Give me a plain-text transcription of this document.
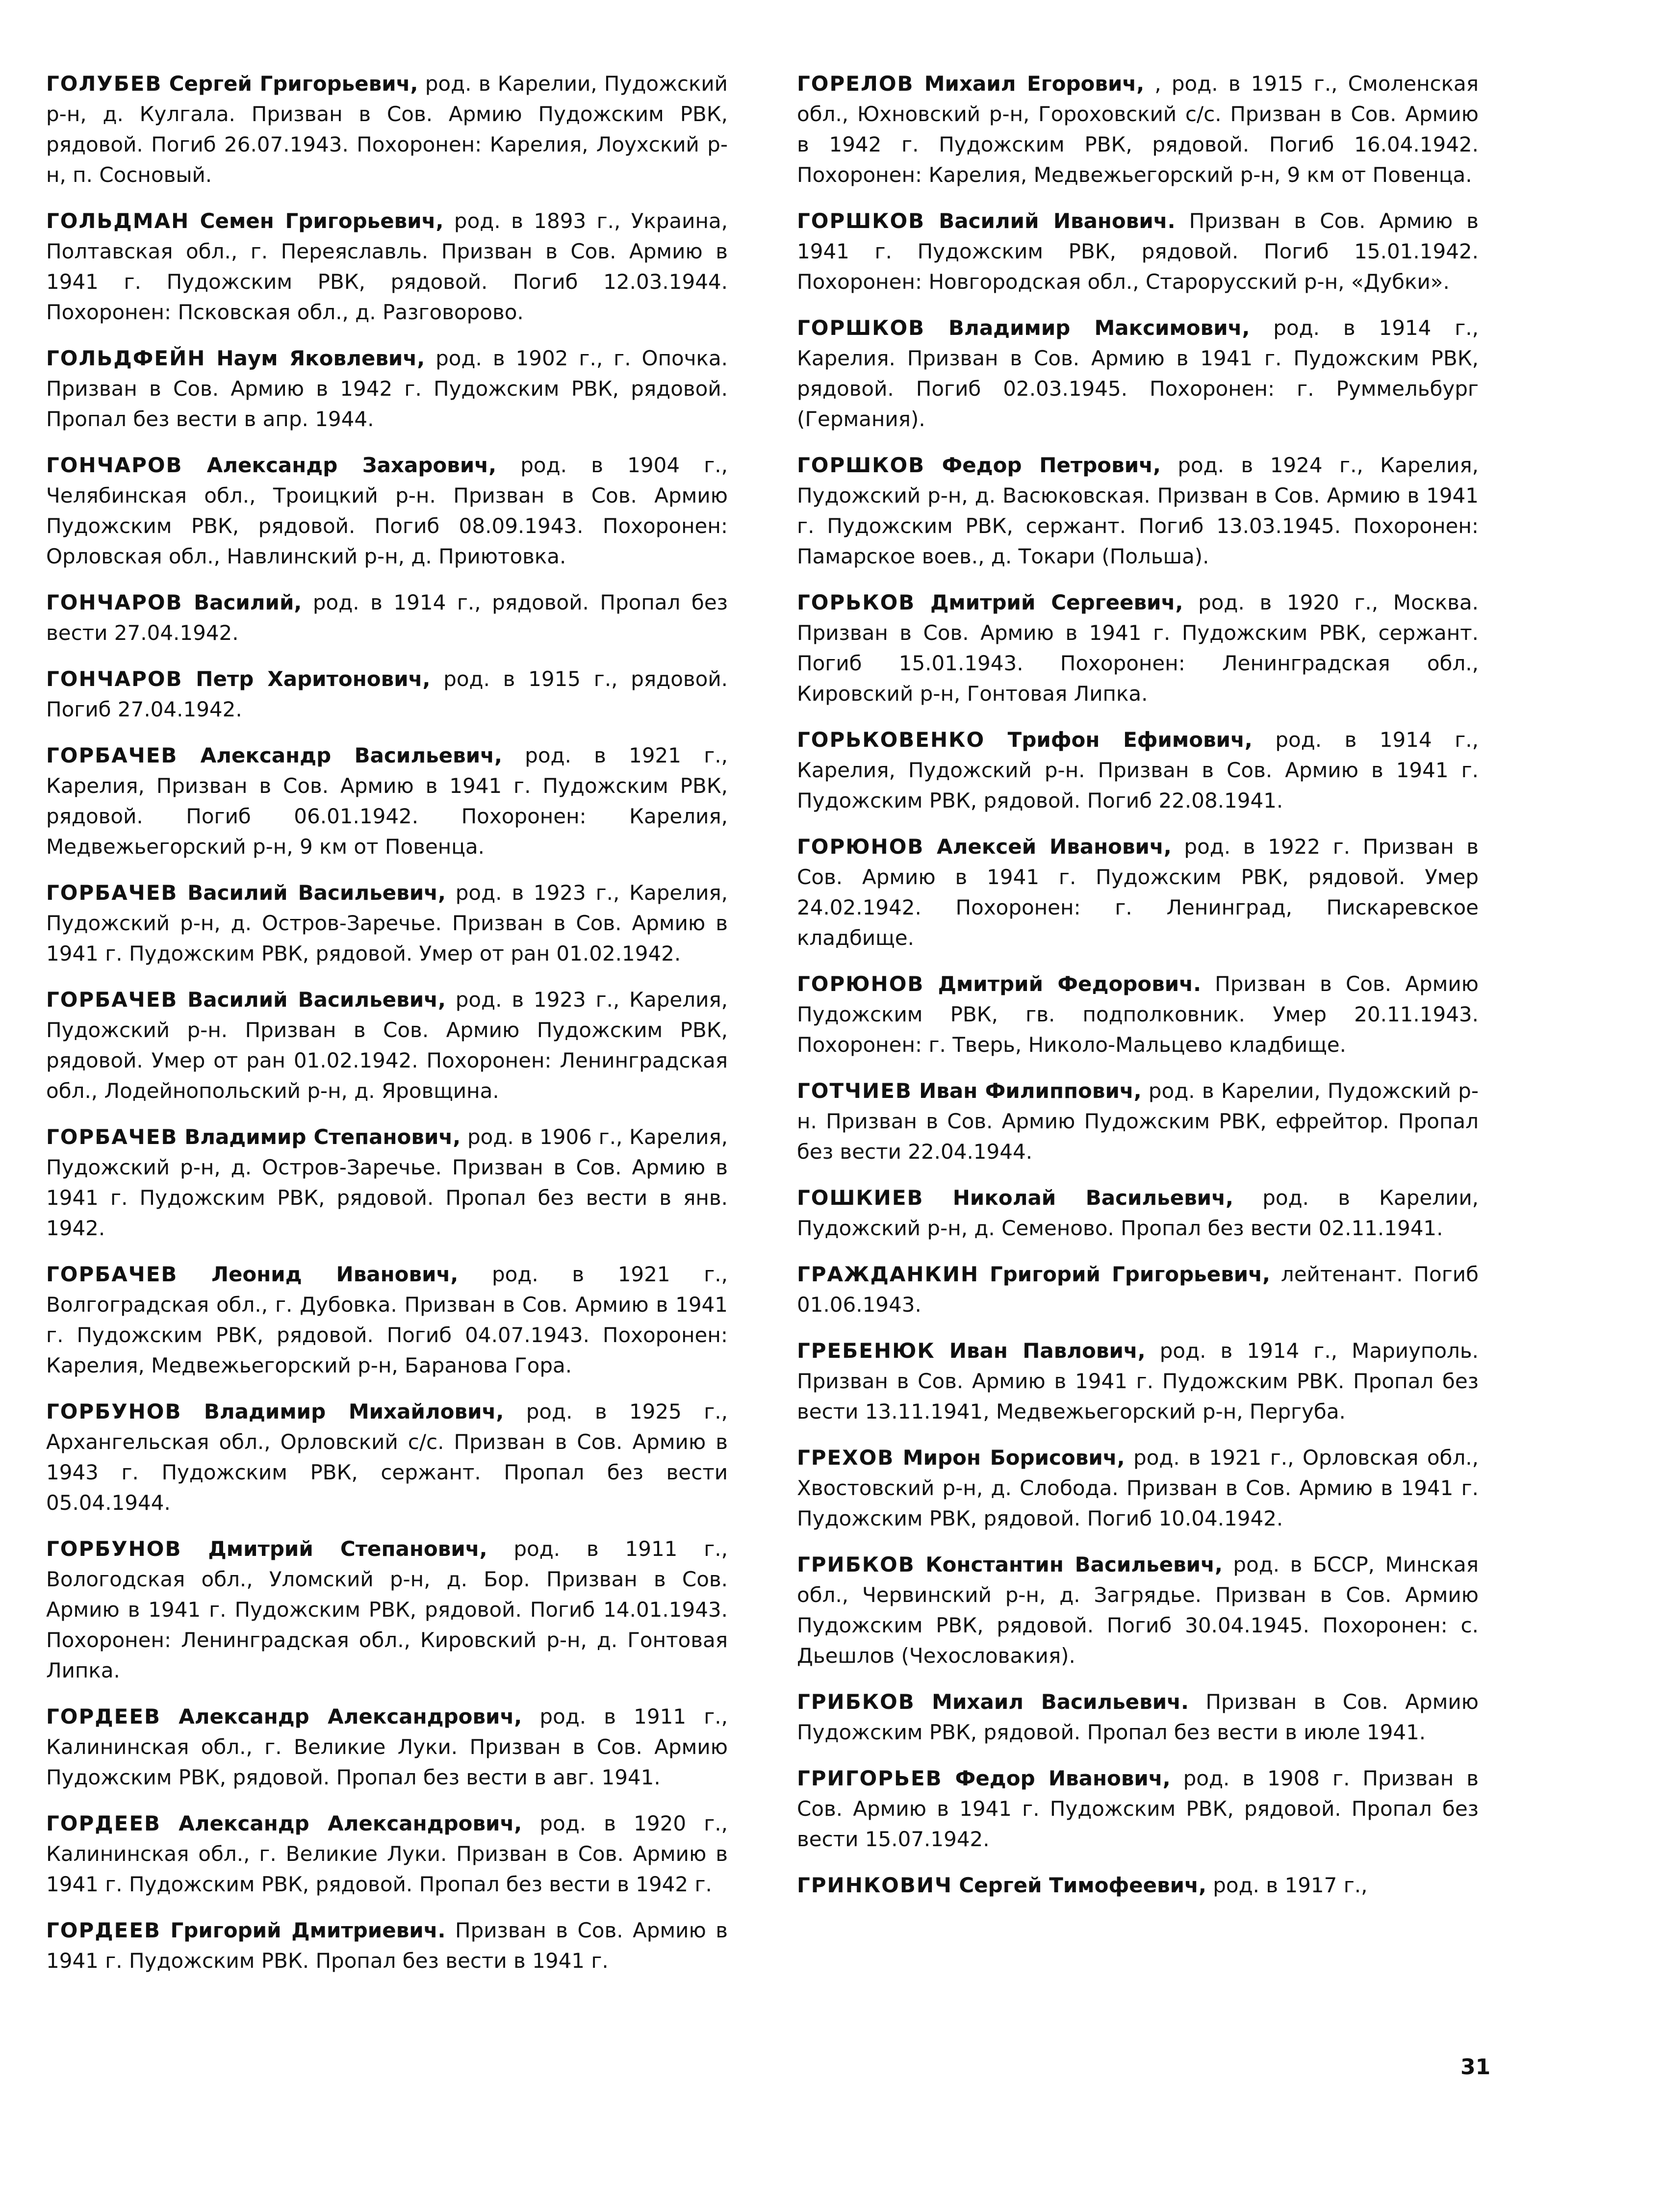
ГОЛУБЕВ Сергей Григорьевич, род. в Карелии, Пудожский р-н, д. Кулгала. Призван в Сов. Армию Пудожским РВК, рядовой. Погиб 26.07.1943. Похоронен: Карелия, Лоухский р-н, п. Сосновый.

ГОЛЬДМАН Семен Григорьевич, род. в 1893 г., Украина, Полтавская обл., г. Переяславль. Призван в Сов. Армию в 1941 г. Пудожским РВК, рядовой. Погиб 12.03.1944. Похоронен: Псковская обл., д. Разговорово.

ГОЛЬДФЕЙН Наум Яковлевич, род. в 1902 г., г. Опочка. Призван в Сов. Армию в 1942 г. Пудожским РВК, рядовой. Пропал без вести в апр. 1944.

ГОНЧАРОВ Александр Захарович, род. в 1904 г., Челябинская обл., Троицкий р-н. Призван в Сов. Армию Пудожским РВК, рядовой. Погиб 08.09.1943. Похоронен: Орловская обл., Навлинский р-н, д. Приютовка.

ГОНЧАРОВ Василий, род. в 1914 г., рядовой. Пропал без вести 27.04.1942.

ГОНЧАРОВ Петр Харитонович, род. в 1915 г., рядовой. Погиб 27.04.1942.

ГОРБАЧЕВ Александр Васильевич, род. в 1921 г., Карелия, Призван в Сов. Армию в 1941 г. Пудожским РВК, рядовой. Погиб 06.01.1942. Похоронен: Карелия, Медвежьегорский р-н, 9 км от Повенца.

ГОРБАЧЕВ Василий Васильевич, род. в 1923 г., Карелия, Пудожский р-н, д. Остров-Заречье. Призван в Сов. Армию в 1941 г. Пудожским РВК, рядовой. Умер от ран 01.02.1942.

ГОРБАЧЕВ Василий Васильевич, род. в 1923 г., Карелия, Пудожский р-н. Призван в Сов. Армию Пудожским РВК, рядовой. Умер от ран 01.02.1942. Похоронен: Ленинградская обл., Лодейнопольский р-н, д. Яровщина.

ГОРБАЧЕВ Владимир Степанович, род. в 1906 г., Карелия, Пудожский р-н, д. Остров-Заречье. Призван в Сов. Армию в 1941 г. Пудожским РВК, рядовой. Пропал без вести в янв. 1942.

ГОРБАЧЕВ Леонид Иванович, род. в 1921 г., Волгоградская обл., г. Дубовка. Призван в Сов. Армию в 1941 г. Пудожским РВК, рядовой. Погиб 04.07.1943. Похоронен: Карелия, Медвежьегорский р-н, Баранова Гора.

ГОРБУНОВ Владимир Михайлович, род. в 1925 г., Архангельская обл., Орловский с/с. Призван в Сов. Армию в 1943 г. Пудожским РВК, сержант. Пропал без вести 05.04.1944.

ГОРБУНОВ Дмитрий Степанович, род. в 1911 г., Вологодская обл., Уломский р-н, д. Бор. Призван в Сов. Армию в 1941 г. Пудожским РВК, рядовой. Погиб 14.01.1943. Похоронен: Ленинградская обл., Кировский р-н, д. Гонтовая Липка.

ГОРДЕЕВ Александр Александрович, род. в 1911 г., Калининская обл., г. Великие Луки. Призван в Сов. Армию Пудожским РВК, рядовой. Пропал без вести в авг. 1941.

ГОРДЕЕВ Александр Александрович, род. в 1920 г., Калининская обл., г. Великие Луки. Призван в Сов. Армию в 1941 г. Пудожским РВК, рядовой. Пропал без вести в 1942 г.

ГОРДЕЕВ Григорий Дмитриевич. Призван в Сов. Армию в 1941 г. Пудожским РВК. Пропал без вести в 1941 г.

ГОРЕЛОВ Михаил Егорович, , род. в 1915 г., Смоленская обл., Юхновский р-н, Гороховский с/с. Призван в Сов. Армию в 1942 г. Пудожским РВК, рядовой. Погиб 16.04.1942. Похоронен: Карелия, Медвежьегорский р-н, 9 км от Повенца.

ГОРШКОВ Василий Иванович. Призван в Сов. Армию в 1941 г. Пудожским РВК, рядовой. Погиб 15.01.1942. Похоронен: Новгородская обл., Старорусский р-н, «Дубки».

ГОРШКОВ Владимир Максимович, род. в 1914 г., Карелия. Призван в Сов. Армию в 1941 г. Пудожским РВК, рядовой. Погиб 02.03.1945. Похоронен: г. Руммельбург (Германия).

ГОРШКОВ Федор Петрович, род. в 1924 г., Карелия, Пудожский р-н, д. Васюковская. Призван в Сов. Армию в 1941 г. Пудожским РВК, сержант. Погиб 13.03.1945. Похоронен: Памарское воев., д. Токари (Польша).

ГОРЬКОВ Дмитрий Сергеевич, род. в 1920 г., Москва. Призван в Сов. Армию в 1941 г. Пудожским РВК, сержант. Погиб 15.01.1943. Похоронен: Ленинградская обл., Кировский р-н, Гонтовая Липка.

ГОРЬКОВЕНКО Трифон Ефимович, род. в 1914 г., Карелия, Пудожский р-н. Призван в Сов. Армию в 1941 г. Пудожским РВК, рядовой. Погиб 22.08.1941.

ГОРЮНОВ Алексей Иванович, род. в 1922 г. Призван в Сов. Армию в 1941 г. Пудожским РВК, рядовой. Умер 24.02.1942. Похоронен: г. Ленинград, Пискаревское кладбище.

ГОРЮНОВ Дмитрий Федорович. Призван в Сов. Армию Пудожским РВК, гв. подполковник. Умер 20.11.1943. Похоронен: г. Тверь, Николо-Мальцево кладбище.

ГОТЧИЕВ Иван Филиппович, род. в Карелии, Пудожский р-н. Призван в Сов. Армию Пудожским РВК, ефрейтор. Пропал без вести 22.04.1944.

ГОШКИЕВ Николай Васильевич, род. в Карелии, Пудожский р-н, д. Семеново. Пропал без вести 02.11.1941.

ГРАЖДАНКИН Григорий Григорьевич, лейтенант. Погиб 01.06.1943.

ГРЕБЕНЮК Иван Павлович, род. в 1914 г., Мариуполь. Призван в Сов. Армию в 1941 г. Пудожским РВК. Пропал без вести 13.11.1941, Медвежьегорский р-н, Пергуба.

ГРЕХОВ Мирон Борисович, род. в 1921 г., Орловская обл., Хвостовский р-н, д. Слобода. Призван в Сов. Армию в 1941 г. Пудожским РВК, рядовой. Погиб 10.04.1942.

ГРИБКОВ Константин Васильевич, род. в БССР, Минская обл., Червинский р-н, д. Загрядье. Призван в Сов. Армию Пудожским РВК, рядовой. Погиб 30.04.1945. Похоронен: с. Дьешлов (Чехословакия).

ГРИБКОВ Михаил Васильевич. Призван в Сов. Армию Пудожским РВК, рядовой. Пропал без вести в июле 1941.

ГРИГОРЬЕВ Федор Иванович, род. в 1908 г. Призван в Сов. Армию в 1941 г. Пудожским РВК, рядовой. Пропал без вести 15.07.1942.

ГРИНКОВИЧ Сергей Тимофеевич, род. в 1917 г.,

31
